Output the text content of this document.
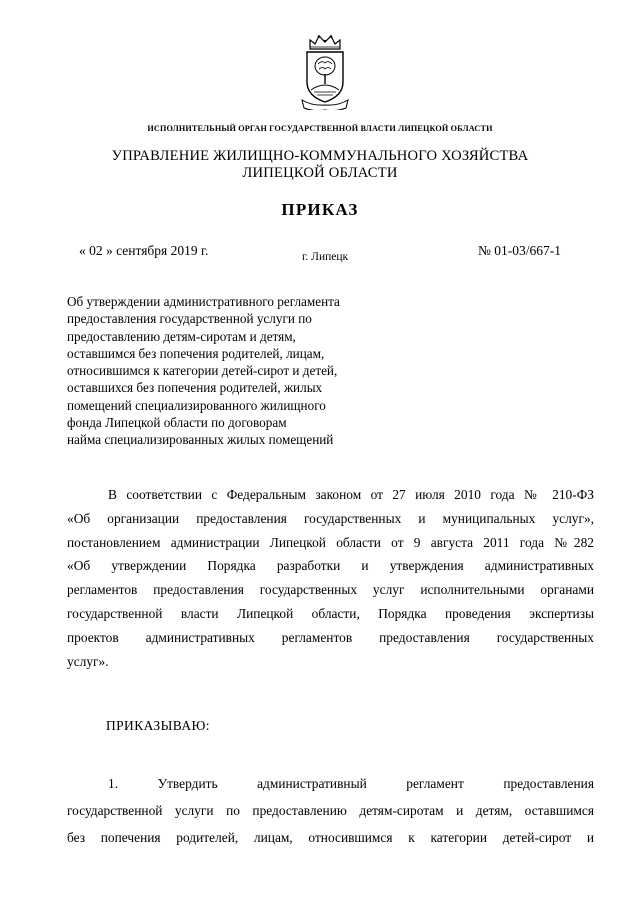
ИСПОЛНИТЕЛЬНЫЙ ОРГАН ГОСУДАРСТВЕННОЙ ВЛАСТИ ЛИПЕЦКОЙ ОБЛАСТИ
УПРАВЛЕНИЕ ЖИЛИЩНО-КОММУНАЛЬНОГО ХОЗЯЙСТВА
ЛИПЕЦКОЙ ОБЛАСТИ
ПРИКАЗ
« 02 » сентября 2019 г.	г. Липецк	№ 01-03/667-1
Об утверждении административного регламента
предоставления государственной услуги по
предоставлению детям-сиротам и детям,
оставшимся без попечения родителей, лицам,
относившимся к категории детей-сирот и детей,
оставшихся без попечения родителей, жилых
помещений специализированного жилищного
фонда Липецкой области по договорам
найма специализированных жилых помещений
В соответствии с Федеральным законом от 27 июля 2010 года № 210-ФЗ
«Об организации предоставления государственных и муниципальных услуг»,
постановлением администрации Липецкой области от 9 августа 2011 года №282
«Об утверждении Порядка разработки и утверждения административных
регламентов предоставления государственных услуг исполнительными органами
государственной власти Липецкой области, Порядка проведения экспертизы
проектов административных регламентов предоставления государственных
услуг».
ПРИКАЗЫВАЮ:
1. Утвердить административный регламент предоставления
государственной услуги по предоставлению детям-сиротам и детям, оставшимся
без попечения родителей, лицам, относившимся к категории детей-сирот и
